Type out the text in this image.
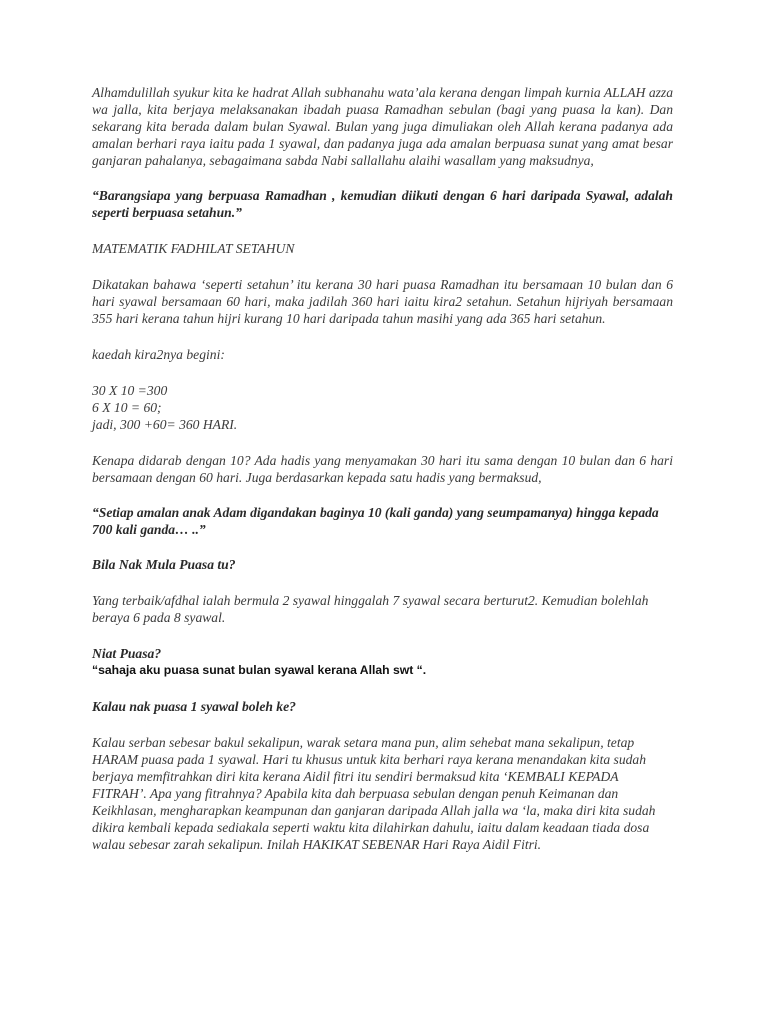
Alhamdulillah syukur kita ke hadrat Allah subhanahu wata’ala kerana dengan limpah kurnia ALLAH azza wa jalla, kita berjaya melaksanakan ibadah puasa Ramadhan sebulan (bagi yang puasa la kan). Dan sekarang kita berada dalam bulan Syawal. Bulan yang juga dimuliakan oleh Allah kerana padanya ada amalan berhari raya iaitu pada 1 syawal, dan padanya juga ada amalan berpuasa sunat yang amat besar ganjaran pahalanya, sebagaimana sabda Nabi sallallahu alaihi wasallam yang maksudnya,

“Barangsiapa yang berpuasa Ramadhan , kemudian diikuti dengan 6 hari daripada Syawal, adalah seperti berpuasa setahun.”

MATEMATIK FADHILAT SETAHUN

Dikatakan bahawa ‘seperti setahun’ itu kerana 30 hari puasa Ramadhan itu bersamaan 10 bulan dan 6 hari syawal bersamaan 60 hari, maka jadilah 360 hari iaitu kira2 setahun. Setahun hijriyah bersamaan 355 hari kerana tahun hijri kurang 10 hari daripada tahun masihi yang ada 365 hari setahun.

kaedah kira2nya begini:

30 X 10 =300

6 X 10 = 60;

jadi, 300 +60= 360 HARI.

Kenapa didarab dengan 10? Ada hadis yang menyamakan 30 hari itu sama dengan 10 bulan dan 6 hari bersamaan dengan 60 hari. Juga berdasarkan kepada satu hadis yang bermaksud,

“Setiap amalan anak Adam digandakan baginya 10 (kali ganda) yang seumpamanya) hingga kepada 700 kali ganda… ..”

Bila Nak Mula Puasa tu?

Yang terbaik/afdhal ialah bermula 2 syawal hinggalah 7 syawal secara berturut2. Kemudian bolehlah beraya 6 pada 8 syawal.

Niat Puasa?

“sahaja aku puasa sunat bulan syawal kerana Allah swt “.

Kalau nak puasa 1 syawal boleh ke?

Kalau serban sebesar bakul sekalipun, warak setara mana pun, alim sehebat mana sekalipun, tetap HARAM puasa pada 1 syawal. Hari tu khusus untuk kita berhari raya kerana menandakan kita sudah berjaya memfitrahkan diri kita kerana Aidil fitri itu sendiri bermaksud kita ‘KEMBALI KEPADA FITRAH’. Apa yang fitrahnya? Apabila kita dah berpuasa sebulan dengan penuh Keimanan dan Keikhlasan, mengharapkan keampunan dan ganjaran daripada Allah jalla wa ‘la, maka diri kita sudah dikira kembali kepada sediakala seperti waktu kita dilahirkan dahulu, iaitu dalam keadaan tiada dosa walau sebesar zarah sekalipun. Inilah HAKIKAT SEBENAR Hari Raya Aidil Fitri.
